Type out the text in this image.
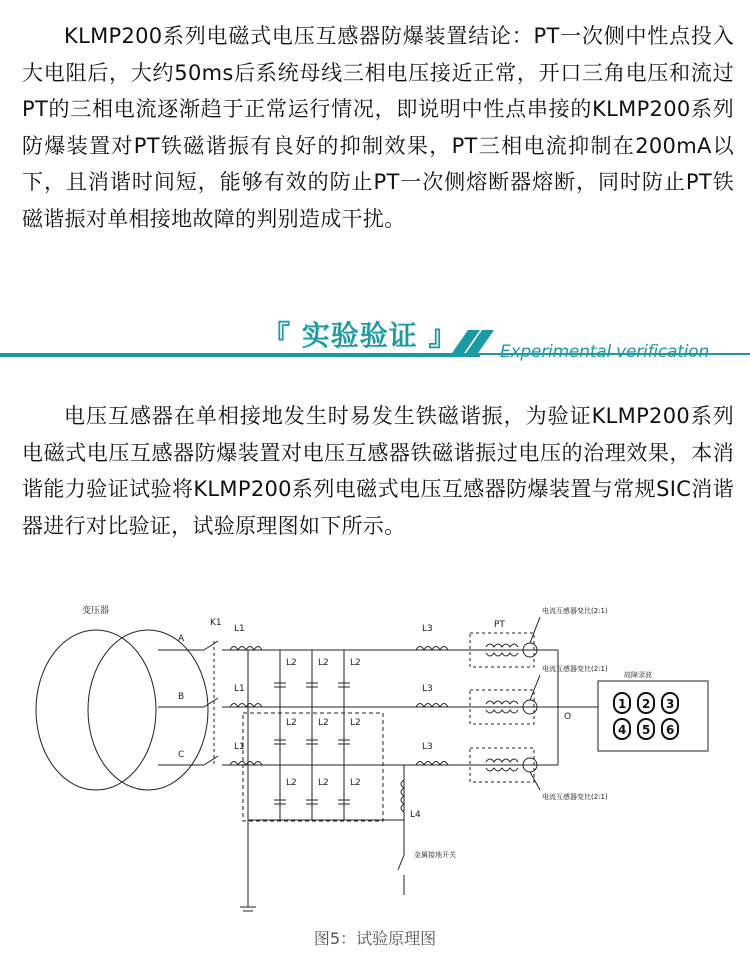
KLMP200系列电磁式电压互感器防爆装置结论：PT一次侧中性点投入大电阻后，大约50ms后系统母线三相电压接近正常，开口三角电压和流过PT的三相电流逐渐趋于正常运行情况，即说明中性点串接的KLMP200系列防爆装置对PT铁磁谐振有良好的抑制效果，PT三相电流抑制在200mA以下，且消谐时间短，能够有效的防止PT一次侧熔断器熔断，同时防止PT铁磁谐振对单相接地故障的判别造成干扰。
『 实验验证 』	Experimental verification
电压互感器在单相接地发生时易发生铁磁谐振，为验证KLMP200系列电磁式电压互感器防爆装置对电压互感器铁磁谐振过电压的治理效果，本消谐能力验证试验将KLMP200系列电磁式电压互感器防爆装置与常规SIC消谐器进行对比验证，试验原理图如下所示。
1 2 3
4 5 6
变压器
A
B
C
K1
L1
L1
L1
L2 L2 L2
L2 L2 L2
L2 L2 L2
L3
L3
L3
L4
PT
O
电流互感器变比(2:1)
电流互感器变比(2:1)
电流互感器变比(2:1)
故障录波
金属接地开关
图5：试验原理图
